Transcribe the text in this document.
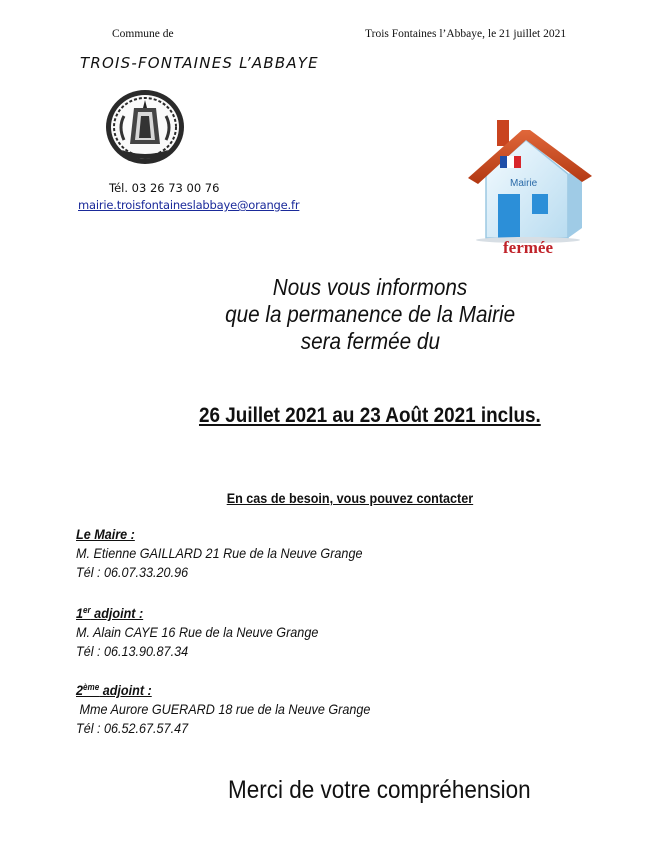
Commune de
TROIS-FONTAINES L’ABBAYE
Tél. 03 26 73 00 76
mairie.troisfontaineslabbaye@orange.fr
Trois Fontaines l’Abbaye, le 21 juillet 2021
Mairie
fermée
Nous vous informons
que la permanence de la Mairie
sera fermée du
26 Juillet 2021 au 23 Août 2021 inclus.
En cas de besoin, vous pouvez contacter
Le Maire :
M. Etienne GAILLARD 21 Rue de la Neuve Grange
Tél : 06.07.33.20.96
1er adjoint :
M. Alain CAYE 16 Rue de la Neuve Grange
Tél : 06.13.90.87.34
2ème adjoint :
Mme Aurore GUERARD 18 rue de la Neuve Grange
Tél : 06.52.67.57.47
Merci de votre compréhension
